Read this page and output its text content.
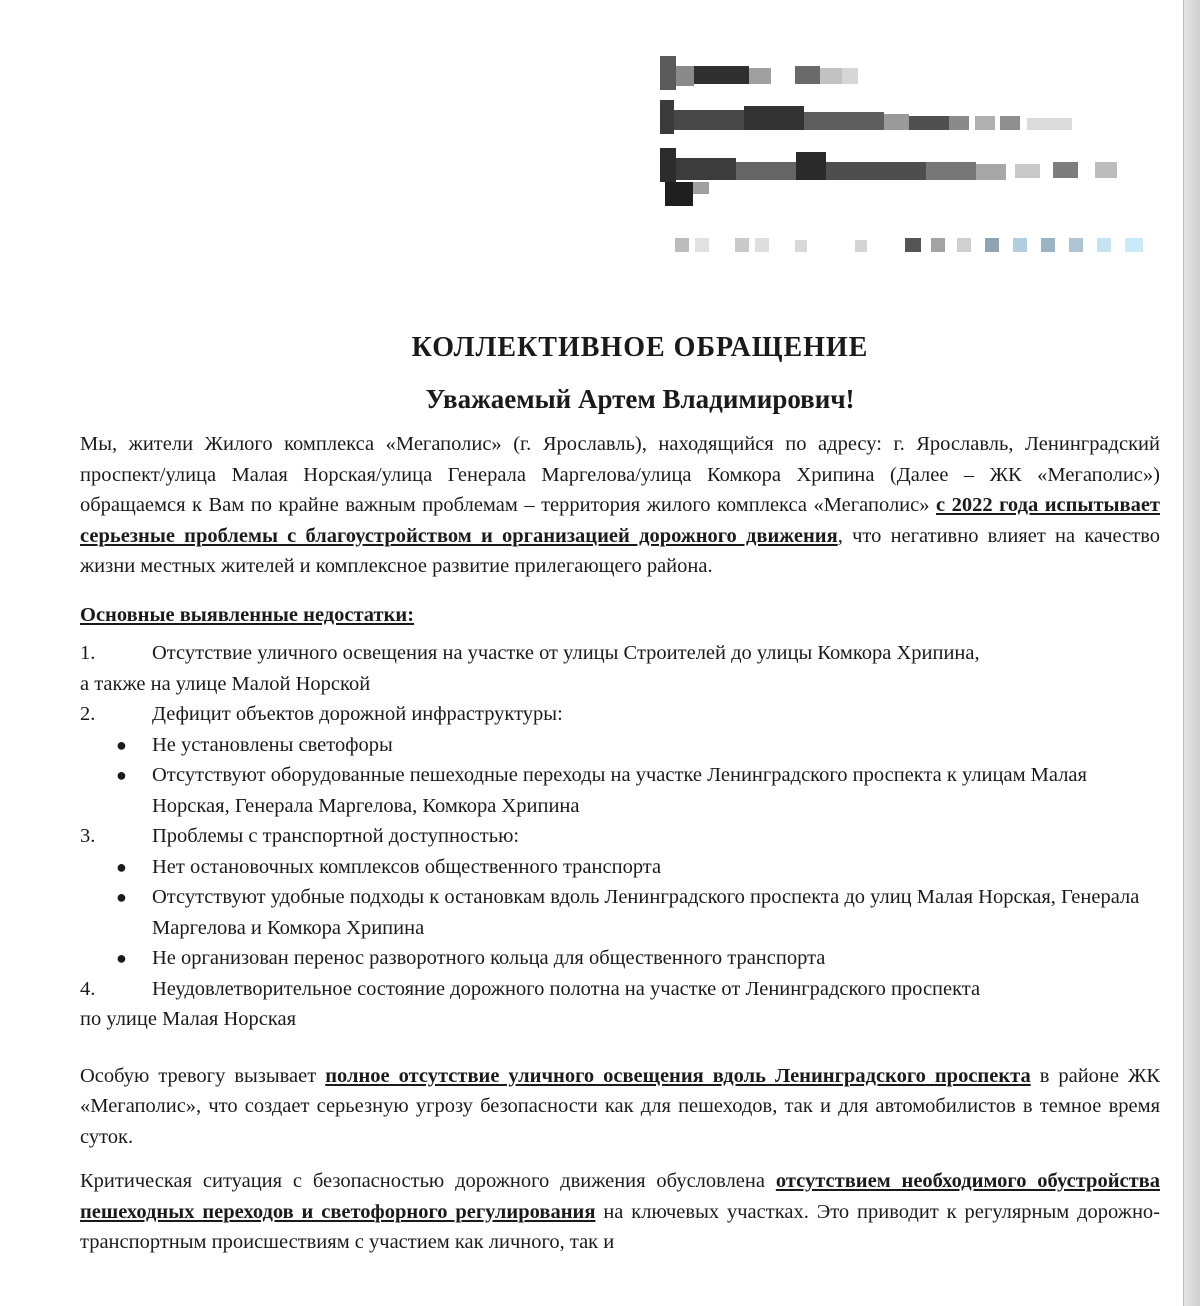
КОЛЛЕКТИВНОЕ ОБРАЩЕНИЕ
Уважаемый Артем Владимирович!

Мы, жители Жилого комплекса «Мегаполис» (г. Ярославль), находящийся по адресу: г. Ярославль, Ленинградский проспект/улица Малая Норская/улица Генерала Маргелова/улица Комкора Хрипина (Далее – ЖК «Мегаполис») обращаемся к Вам по крайне важным проблемам – территория жилого комплекса «Мегаполис» с 2022 года испытывает серьезные проблемы с благоустройством и организацией дорожного движения, что негативно влияет на качество жизни местных жителей и комплексное развитие прилегающего района.

Основные выявленные недостатки:

1.	Отсутствие уличного освещения на участке от улицы Строителей до улицы Комкора Хрипина,
а также на улице Малой Норской
2.	Дефицит объектов дорожной инфраструктуры:
●	Не установлены светофоры
●	Отсутствуют оборудованные пешеходные переходы на участке Ленинградского проспекта к улицам Малая Норская, Генерала Маргелова, Комкора Хрипина
3.	Проблемы с транспортной доступностью:
●	Нет остановочных комплексов общественного транспорта
●	Отсутствуют удобные подходы к остановкам вдоль Ленинградского проспекта до улиц Малая Норская, Генерала Маргелова и Комкора Хрипина
●	Не организован перенос разворотного кольца для общественного транспорта
4.	Неудовлетворительное состояние дорожного полотна на участке от Ленинградского проспекта
по улице Малая Норская

Особую тревогу вызывает полное отсутствие уличного освещения вдоль Ленинградского проспекта в районе ЖК «Мегаполис», что создает серьезную угрозу безопасности как для пешеходов, так и для автомобилистов в темное время суток.

Критическая ситуация с безопасностью дорожного движения обусловлена отсутствием необходимого обустройства пешеходных переходов и светофорного регулирования на ключевых участках. Это приводит к регулярным дорожно-транспортным происшествиям с участием как личного, так и
